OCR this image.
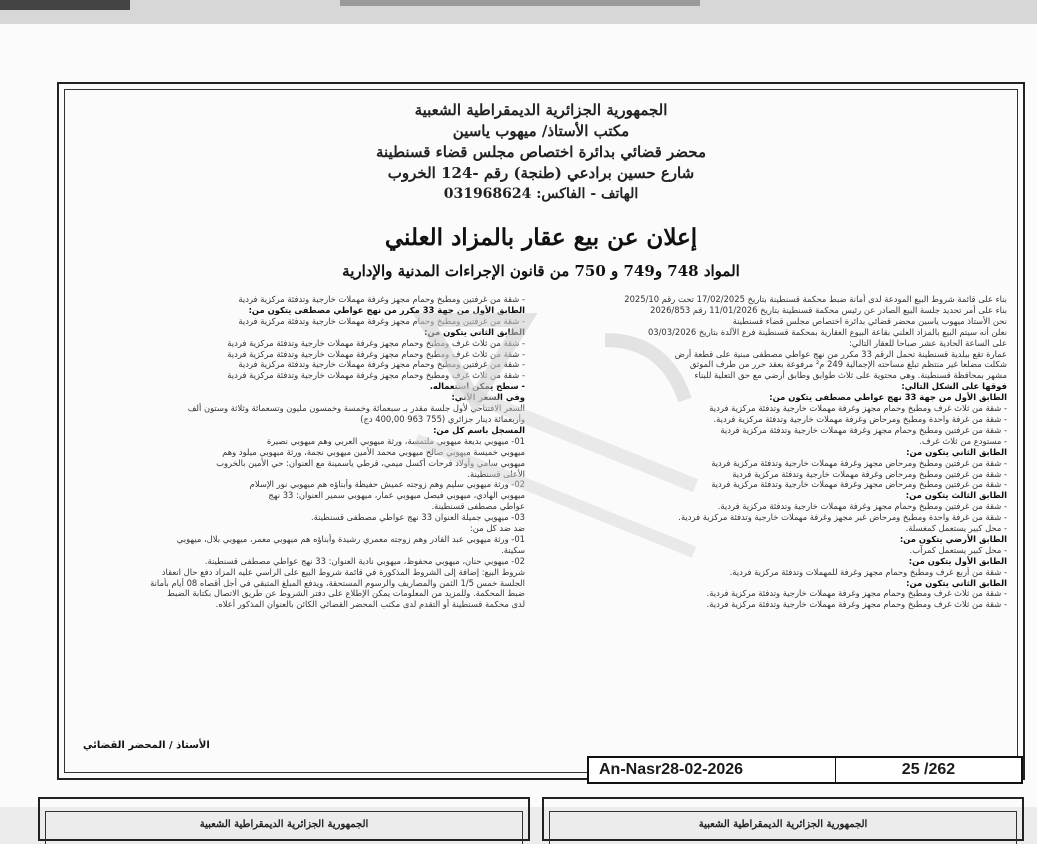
الجمهورية الجزائرية الديمقراطية الشعبية
مكتب الأستاذ/ ميهوب ياسين
محضر قضائي بدائرة اختصاص مجلس قضاء قسنطينة
شارع حسين برادعي (طنجة) رقم -124 الخروب
الهاتف - الفاكس: 031968624
إعلان عن بيع عقار بالمزاد العلني
المواد 748 و749 و 750 من قانون الإجراءات المدنية والإدارية

بناء على قائمة شروط البيع المودعة لدى أمانة ضبط محكمة قسنطينة بتاريخ 17/02/2025 تحت رقم 2025/10

بناء على أمر تحديد جلسة البيع الصادر عن رئيس محكمة قسنطينة بتاريخ 11/01/2026 رقم 2026/853

نحن الأستاذ ميهوب ياسين محضر قضائي بدائرة اختصاص مجلس قضاء قسنطينة

نعلن أنه سيتم البيع بالمزاد العلني بقاعة البيوع العقارية بمحكمة قسنطينة فرع الآلدة بتاريخ 03/03/2026

على الساعة الحادية عشر صباحا للعقار التالي:

عمارة تقع ببلدية قسنطينة تحمل الرقم 33 مكرر من نهج عواطي مصطفى مبنية على قطعة أرض

شكلت مضلعا غير منتظم تبلغ مساحته الإجمالية 249 م² مرفوعة بعقد حرر من طرف الموثق

مشهر بمحافظة قسنطينة. وهي محتوية على ثلاث طوابق وطابق أرضي مع حق التعلية للبناء

فوقها على الشكل التالي:

الطابق الأول من جهة 33 نهج عواطي مصطفى يتكون من:

- شقة من ثلاث غرف ومطبخ وحمام مجهز وغرفة مهملات خارجية وتدفئة مركزية فردية

- شقة من غرفة واحدة ومطبخ ومرحاض وغرفة مهملات خارجية وتدفئة مركزية فردية.

- شقة من غرفتين ومطبخ وحمام مجهز وغرفة مهملات خارجية وتدفئة مركزية فردية

- مستودع من ثلاث غرف.

الطابق الثاني يتكون من:

- شقة من غرفتين ومطبخ ومرحاض مجهز وغرفة مهملات خارجية وتدفئة مركزية فردية

- شقة من غرفتين ومطبخ ومرحاض وغرفة مهملات خارجية وتدفئة مركزية فردية

- شقة من غرفتين ومطبخ ومرحاض مجهز وغرفة مهملات خارجية وتدفئة مركزية فردية

الطابق الثالث يتكون من:

- شقة من غرفتين ومطبخ وحمام مجهز وغرفة مهملات خارجية وتدفئة مركزية فردية.

- شقة من غرفة واحدة ومطبخ ومرحاض غير مجهز وغرفة مهملات خارجية وتدفئة مركزية فردية.

- محل كبير يستعمل كمغسلة.

الطابق الأرضي يتكون من:

- محل كبير يستعمل كمرآب.

الطابق الأول يتكون من:

- شقة من أربع غرف ومطبخ وحمام مجهز وغرفة للمهملات وتدفئة مركزية فردية.

الطابق الثاني يتكون من:

- شقة من ثلاث غرف ومطبخ وحمام مجهز وغرفة مهملات خارجية وتدفئة مركزية فردية.

- شقة من ثلاث غرف ومطبخ وحمام مجهز وغرفة مهملات خارجية وتدفئة مركزية فردية.

- شقة من غرفتين ومطبخ وحمام مجهز وغرفة مهملات خارجية وتدفئة مركزية فردية

الطابق الأول من جهة 33 مكرر من نهج عواطي مصطفى يتكون من:

- شقة من غرفتين ومطبخ وحمام مجهز وغرفة مهملات خارجية وتدفئة مركزية فردية

الطابق الثاني يتكون من:

- شقة من ثلاث غرف ومطبخ وحمام مجهز وغرفة مهملات خارجية وتدفئة مركزية فردية

- شقة من ثلاث غرف ومطبخ وحمام مجهز وغرفة مهملات خارجية وتدفئة مركزية فردية

- شقة من غرفتين ومطبخ وحمام مجهز وغرفة مهملات خارجية وتدفئة مركزية فردية

- شقة من ثلاث غرف ومطبخ وحمام مجهز وغرفة مهملات خارجية وتدفئة مركزية فردية

- سطح يمكن استعماله.

وفي السعر الآتي:

السعر الافتتاحي لأول جلسة مقدر بـ سبعمائة وخمسة وخمسون مليون وتسعمائة وثلاثة وستون ألف

وأربعمائة دينار جزائري (755 963 400,00 دج)

المسجل باسم كل من:

01- ميهوبي بديعة ميهوبي ملتمسة، ورثة ميهوبي العربي وهم ميهوبي نصيرة

ميهوبي خميسة ميهوبي صالح ميهوبي محمد الأمين ميهوبي نجمة، ورثة ميهوبي ميلود وهم

ميهوبي سامي وأولاد فرحات أكسل ميمي، قرطي ياسمينة مع العنوان: حي الأمين بالخروب

الأعلى قسنطينة.

02- ورثة ميهوبي سليم وهم زوجته عميش حفيظة وأبناؤه هم ميهوبي نور الإسلام

ميهوبي الهادي، ميهوبي فيصل ميهوبي عمار، ميهوبي سمير العنوان: 33 نهج

عواطي مصطفى قسنطينة.

03- ميهوبي جميلة العنوان 33 نهج عواطي مصطفى قسنطينة.

ضد ضد كل من:

01- ورثة ميهوبي عبد القادر وهم زوجته معمري رشيدة وأبناؤه هم ميهوبي معمر، ميهوبي بلال، ميهوبي

سكينة.

02- ميهوبي حنان، ميهوبي محفوظ، ميهوبي نادية العنوان: 33 نهج عواطي مصطفى قسنطينة.

شروط البيع: إضافة إلى الشروط المذكورة في قائمة شروط البيع على الراسي عليه المزاد دفع حال انعقاد

الجلسة خمس 1/5 الثمن والمصاريف والرسوم المستحقة، ويدفع المبلغ المتبقي في أجل أقصاه 08 أيام بأمانة

ضبط المحكمة. وللمزيد من المعلومات يمكن الإطلاع على دفتر الشروط عن طريق الاتصال بكتابة الضبط

لدى محكمة قسنطينة أو التقدم لدى مكتب المحضر القضائي الكائن بالعنوان المذكور أعلاه.

الأستاذ / المحضر القضائي
An-Nasr28-02-2026	25 /262
الجمهورية الجزائرية الديمقراطية الشعبية	الجمهورية الجزائرية الديمقراطية الشعبية
